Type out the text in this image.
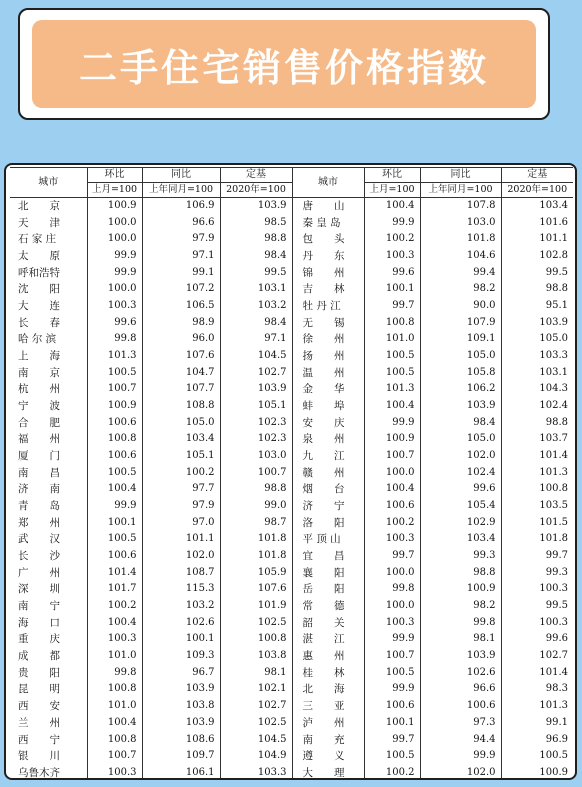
二手住宅销售价格指数
城市	环比	同比	定基	城市	环比	同比	定基
	上月=100	上年同月=100	2020年=100		上月=100	上年同月=100	2020年=100
北　　京	100.9	106.9	103.9	唐　　山	100.4	107.8	103.4
天　　津	100.0	96.6	98.5	秦 皇 岛	99.9	103.0	101.6
石 家 庄	100.0	97.9	98.8	包　　头	100.2	101.8	101.1
太　　原	99.9	97.1	98.4	丹　　东	100.3	104.6	102.8
呼和浩特	99.9	99.1	99.5	锦　　州	99.6	99.4	99.5
沈　　阳	100.0	107.2	103.1	吉　　林	100.1	98.2	98.8
大　　连	100.3	106.5	103.2	牡 丹 江	99.7	90.0	95.1
长　　春	99.6	98.9	98.4	无　　锡	100.8	107.9	103.9
哈 尔 滨	99.8	96.0	97.1	徐　　州	101.0	109.1	105.0
上　　海	101.3	107.6	104.5	扬　　州	100.5	105.0	103.3
南　　京	100.5	104.7	102.7	温　　州	100.5	105.8	103.1
杭　　州	100.7	107.7	103.9	金　　华	101.3	106.2	104.3
宁　　波	100.9	108.8	105.1	蚌　　埠	100.4	103.9	102.4
合　　肥	100.6	105.0	102.3	安　　庆	99.9	98.4	98.8
福　　州	100.8	103.4	102.3	泉　　州	100.9	105.0	103.7
厦　　门	100.6	105.1	103.0	九　　江	100.7	102.0	101.4
南　　昌	100.5	100.2	100.7	赣　　州	100.0	102.4	101.3
济　　南	100.4	97.7	98.8	烟　　台	100.4	99.6	100.8
青　　岛	99.9	97.9	99.0	济　　宁	100.6	105.4	103.5
郑　　州	100.1	97.0	98.7	洛　　阳	100.2	102.9	101.5
武　　汉	100.5	101.1	101.8	平 顶 山	100.3	103.4	101.8
长　　沙	100.6	102.0	101.8	宜　　昌	99.7	99.3	99.7
广　　州	101.4	108.7	105.9	襄　　阳	100.0	98.8	99.3
深　　圳	101.7	115.3	107.6	岳　　阳	99.8	100.9	100.3
南　　宁	100.2	103.2	101.9	常　　德	100.0	98.2	99.5
海　　口	100.4	102.6	102.5	韶　　关	100.3	99.8	100.3
重　　庆	100.3	100.1	100.8	湛　　江	99.9	98.1	99.6
成　　都	101.0	109.3	103.8	惠　　州	100.7	103.9	102.7
贵　　阳	99.8	96.7	98.1	桂　　林	100.5	102.6	101.4
昆　　明	100.8	103.9	102.1	北　　海	99.9	96.6	98.3
西　　安	101.0	103.8	102.7	三　　亚	100.6	100.6	101.3
兰　　州	100.4	103.9	102.5	泸　　州	100.1	97.3	99.1
西　　宁	100.8	108.6	104.5	南　　充	99.7	94.4	96.9
银　　川	100.7	109.7	104.9	遵　　义	100.5	99.9	100.5
乌鲁木齐	100.3	106.1	103.3	大　　理	100.2	102.0	100.9
